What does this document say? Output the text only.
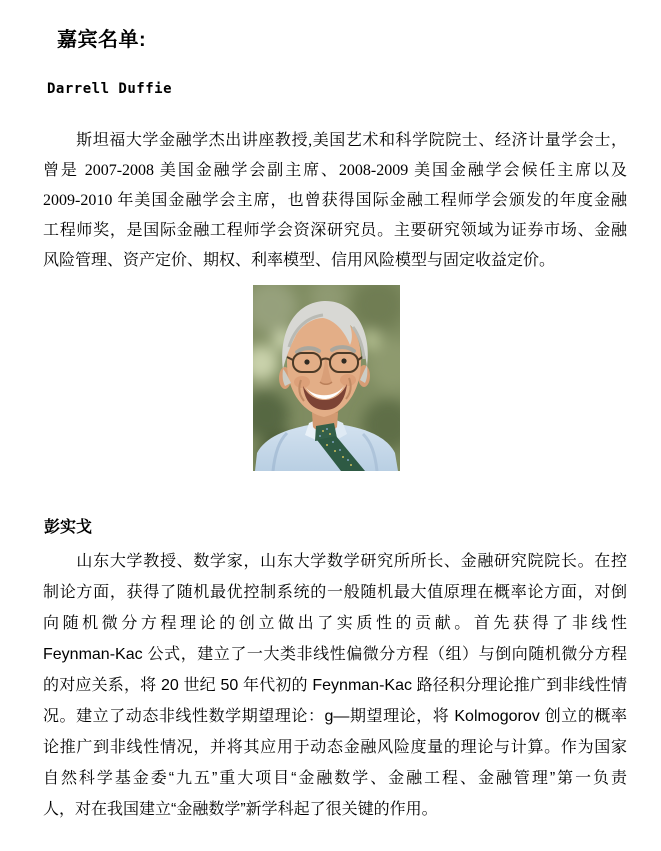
嘉宾名单:
Darrell Duffie
　　斯坦福大学金融学杰出讲座教授,美国艺术和科学院院士、经济计量学会士，
曾是 2007-2008 美国金融学会副主席、2008-2009 美国金融学会候任主席以及
2009-2010 年美国金融学会主席，也曾获得国际金融工程师学会颁发的年度金融
工程师奖，是国际金融工程师学会资深研究员。主要研究领域为证券市场、金融
风险管理、资产定价、期权、利率模型、信用风险模型与固定收益定价。
彭实戈
　　山东大学教授、数学家，山东大学数学研究所所长、金融研究院院长。在控
制论方面，获得了随机最优控制系统的一般随机最大值原理在概率论方面，对倒
向随机微分方程理论的创立做出了实质性的贡献。首先获得了非线性
Feynman-Kac 公式，建立了一大类非线性偏微分方程（组）与倒向随机微分方程
的对应关系，将 20 世纪 50 年代初的 Feynman-Kac 路径积分理论推广到非线性情
况。建立了动态非线性数学期望理论：g—期望理论，将 Kolmogorov 创立的概率
论推广到非线性情况，并将其应用于动态金融风险度量的理论与计算。作为国家
自然科学基金委“九五”重大项目“金融数学、金融工程、金融管理”第一负责
人，对在我国建立“金融数学”新学科起了很关键的作用。
